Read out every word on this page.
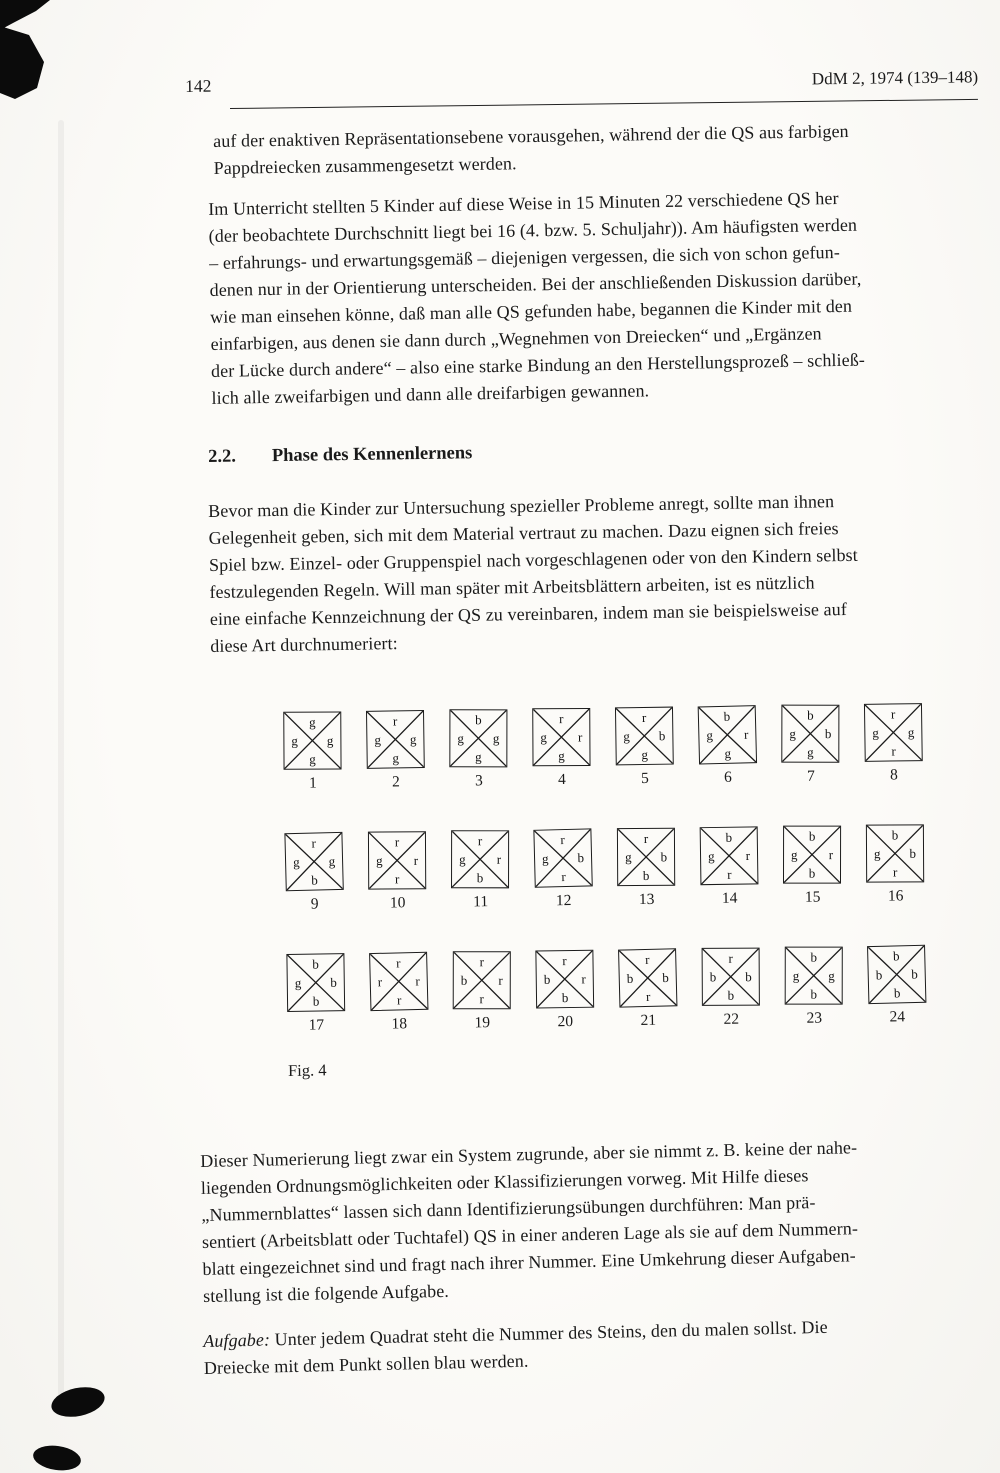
142	DdM 2, 1974 (139–148)
auf der enaktiven Repräsentationsebene vorausgehen, während der die QS aus farbigen
Pappdreiecken zusammengesetzt werden.
Im Unterricht stellten 5 Kinder auf diese Weise in 15 Minuten 22 verschiedene QS her
(der beobachtete Durchschnitt liegt bei 16 (4. bzw. 5. Schuljahr)). Am häufigsten werden
– erfahrungs- und erwartungsgemäß – diejenigen vergessen, die sich von schon gefun-
denen nur in der Orientierung unterscheiden. Bei der anschließenden Diskussion darüber,
wie man einsehen könne, daß man alle QS gefunden habe, begannen die Kinder mit den
einfarbigen, aus denen sie dann durch „Wegnehmen von Dreiecken“ und „Ergänzen
der Lücke durch andere“ – also eine starke Bindung an den Herstellungsprozeß – schließ-
lich alle zweifarbigen und dann alle dreifarbigen gewannen.
2.2. Phase des Kennenlernens
Bevor man die Kinder zur Untersuchung spezieller Probleme anregt, sollte man ihnen
Gelegenheit geben, sich mit dem Material vertraut zu machen. Dazu eignen sich freies
Spiel bzw. Einzel- oder Gruppenspiel nach vorgeschlagenen oder von den Kindern selbst
festzulegenden Regeln. Will man später mit Arbeitsblättern arbeiten, ist es nützlich
eine einfache Kennzeichnung der QS zu vereinbaren, indem man sie beispielsweise auf
diese Art durchnumeriert:
g
g g
g
1
r
g g
g
2
b
g g
g
3
r
g r
g
4
r
g b
g
5
b
g r
g
6
b
g b
g
7
r
g g
r
8
r
g g
b
9
r
g r
r
10
r
g r
b
11
r
g b
r
12
r
g b
b
13
b
g r
r
14
b
g r
b
15
b
g b
r
16
b
g b
b
17
r
r	r
r
18
r
b r
r
19
r
b r
b
20
r
b b
r
21
r
b b
b
22
b
g g
b
23
b
b b
b
24
Fig. 4
Dieser Numerierung liegt zwar ein System zugrunde, aber sie nimmt z. B. keine der nahe-
liegenden Ordnungsmöglichkeiten oder Klassifizierungen vorweg. Mit Hilfe dieses
„Nummernblattes“ lassen sich dann Identifizierungsübungen durchführen: Man prä-
sentiert (Arbeitsblatt oder Tuchtafel) QS in einer anderen Lage als sie auf dem Nummern-
blatt eingezeichnet sind und fragt nach ihrer Nummer. Eine Umkehrung dieser Aufgaben-
stellung ist die folgende Aufgabe.
Aufgabe: Unter jedem Quadrat steht die Nummer des Steins, den du malen sollst. Die
Dreiecke mit dem Punkt sollen blau werden.
